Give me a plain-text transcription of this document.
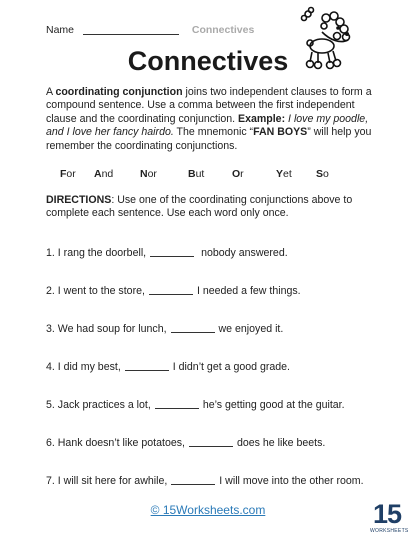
Name	Connectives
Connectives
A coordinating conjunction joins two independent clauses to form a compound sentence. Use a comma between the first independent clause and the coordinating conjunction. Example: I love my poodle, and I love her fancy hairdo. The mnemonic “FAN BOYS” will help you remember the coordinating conjunctions.
For	And	Nor	But	Or	Yet	So
DIRECTIONS: Use one of the coordinating conjunctions above to complete each sentence. Use each word only once.
1. I rang the doorbell,	nobody answered.
2. I went to the store,	I needed a few things.
3. We had soup for lunch,	we enjoyed it.
4. I did my best,	I didn’t get a good grade.
5. Jack practices a lot,	he’s getting good at the guitar.
6. Hank doesn’t like potatoes,	does he like beets.
7. I will sit here for awhile,	I will move into the other room.
© 15Worksheets.com	15
WORKSHEETS
